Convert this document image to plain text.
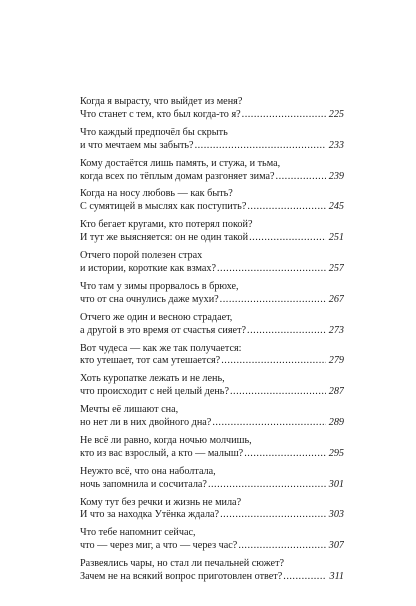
Когда я вырасту, что выйдет из меня?
Что станет с тем, кто был когда-то я? .....	225
Что каждый предпочёл бы скрыть
и что мечтаем мы забыть? .....	233
Кому достаётся лишь память, и стужа, и тьма,
когда всех по тёплым домам разгоняет зима? .....	239
Когда на носу любовь — как быть?
С сумятицей в мыслях как поступить? .....	245
Кто бегает кругами, кто потерял покой?
И тут же выясняется: он не один такой .....	251
Отчего порой полезен страх
и истории, короткие как взмах? .....	257
Что там у зимы прорвалось в брюхе,
что от сна очнулись даже мухи? .....	267
Отчего же один и весною страдает,
а другой в это время от счастья сияет? .....	273
Вот чудеса — как же так получается:
кто утешает, тот сам утешается? .....	279
Хоть куропатке лежать и не лень,
что происходит с ней целый день? .....	287
Мечты её лишают сна,
но нет ли в них двойного дна? .....	289
Не всё ли равно, когда ночью молчишь,
кто из вас взрослый, а кто — малыш? .....	295
Неужто всё, что она наболтала,
ночь запомнила и сосчитала? .....	301
Кому тут без речки и жизнь не мила?
И что за находка Утёнка ждала? .....	303
Что тебе напомнит сейчас,
что — через миг, а что — через час? .....	307
Развеялись чары, но стал ли печальней сюжет?
Зачем не на всякий вопрос приготовлен ответ? .....	311
